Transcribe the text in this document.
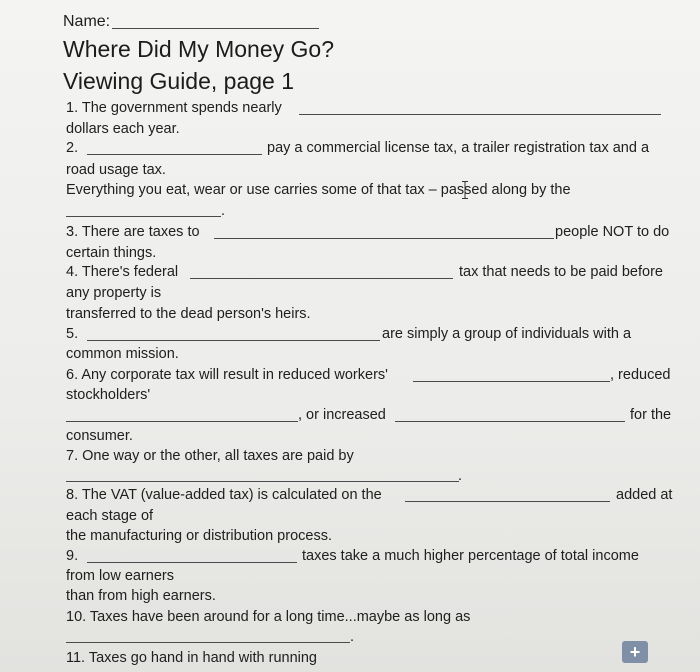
Name:
Where Did My Money Go?
Viewing Guide, page 1
1. The government spends nearly
dollars each year.
2.	pay a commercial license tax, a trailer registration tax and a
road usage tax.
Everything you eat, wear or use carries some of that tax – passed along by the
.
3. There are taxes to	people NOT to do
certain things.
4. There's federal	tax that needs to be paid before
any property is
transferred to the dead person's heirs.
5.	are simply a group of individuals with a
common mission.
6. Any corporate tax will result in reduced workers'	, reduced
stockholders'
, or increased	for the
consumer.
7. One way or the other, all taxes are paid by
.
8. The VAT (value-added tax) is calculated on the	added at
each stage of
the manufacturing or distribution process.
9.	taxes take a much higher percentage of total income
from low earners
than from high earners.
10. Taxes have been around for a long time...maybe as long as
.
11. Taxes go hand in hand with running	+
